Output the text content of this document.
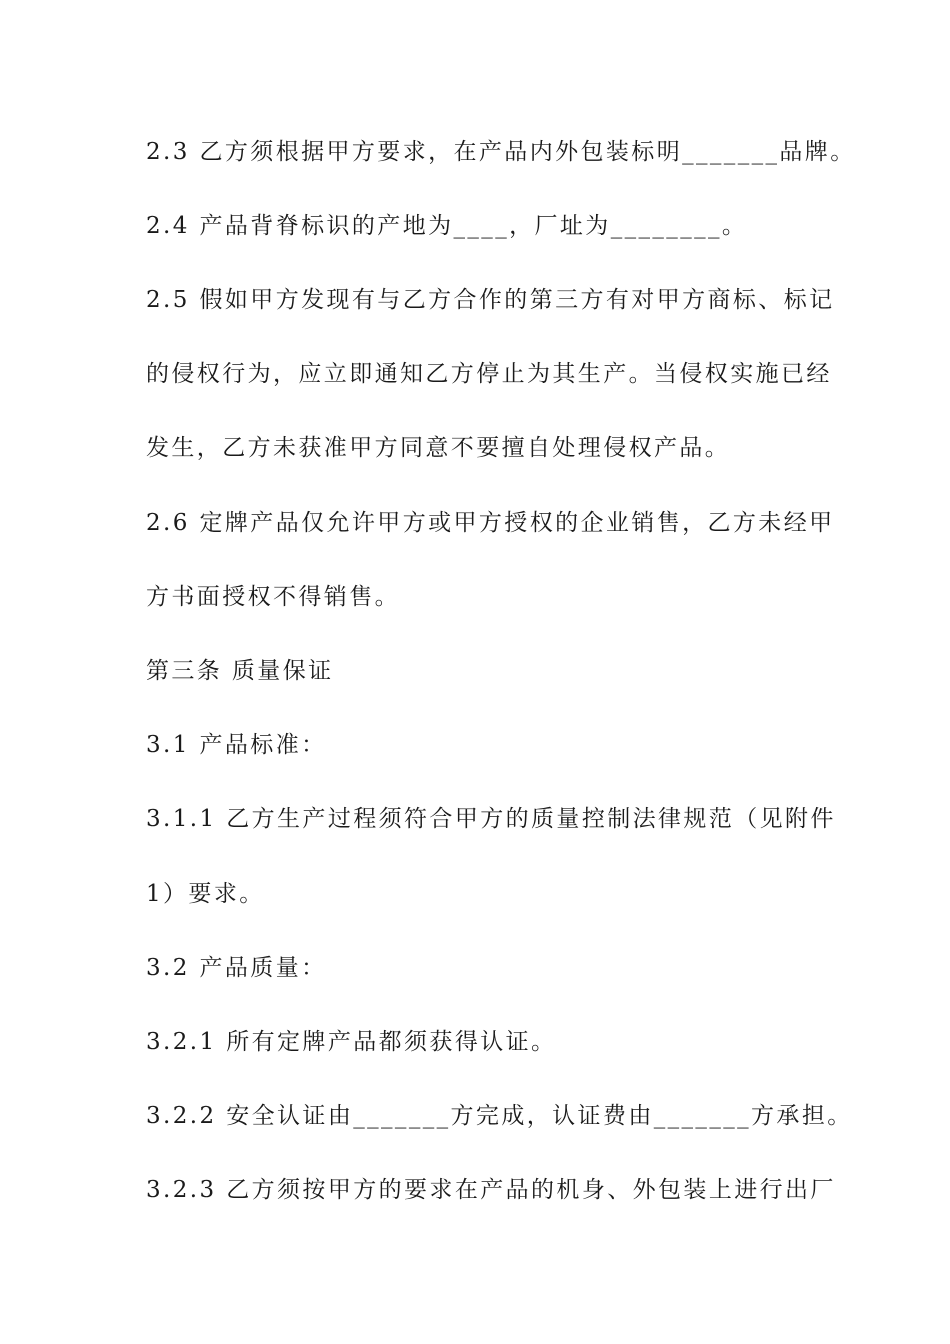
2.3 乙方须根据甲方要求，在产品内外包装标明_______品牌。
2.4 产品背脊标识的产地为____，厂址为________。
2.5 假如甲方发现有与乙方合作的第三方有对甲方商标、标记
的侵权行为，应立即通知乙方停止为其生产。当侵权实施已经
发生，乙方未获准甲方同意不要擅自处理侵权产品。
2.6 定牌产品仅允许甲方或甲方授权的企业销售，乙方未经甲
方书面授权不得销售。
第三条 质量保证
3.1 产品标准：
3.1.1 乙方生产过程须符合甲方的质量控制法律规范（见附件
1）要求。
3.2 产品质量：
3.2.1 所有定牌产品都须获得认证。
3.2.2 安全认证由_______方完成，认证费由_______方承担。
3.2.3 乙方须按甲方的要求在产品的机身、外包装上进行出厂
